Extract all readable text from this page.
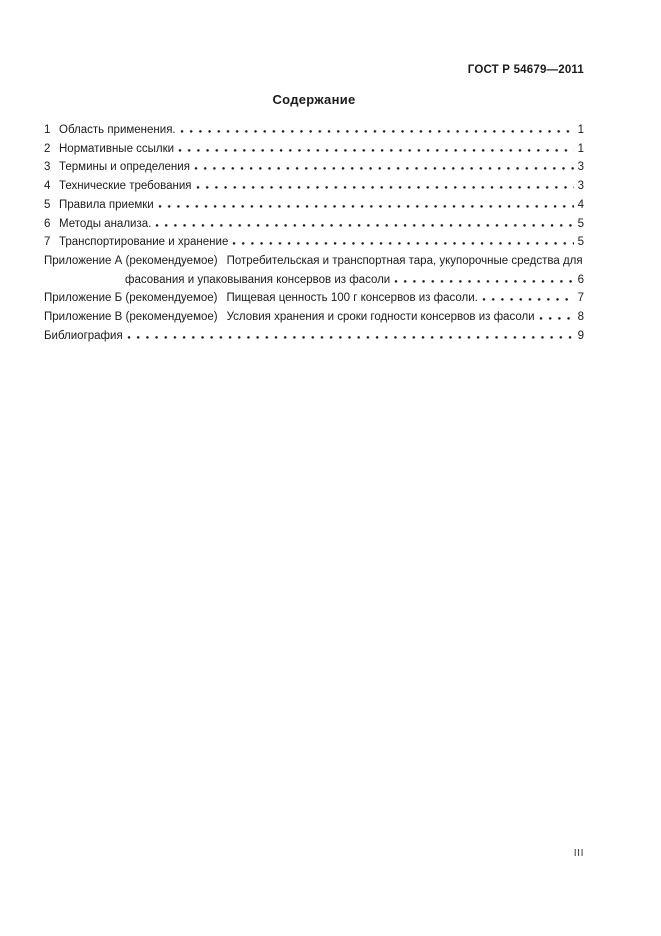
ГОСТ Р 54679—2011
Содержание
1 Область применения.	1
2 Нормативные ссылки	1
3 Термины и определения	3
4 Технические требования	3
5 Правила приемки	4
6 Методы анализа.	5
7 Транспортирование и хранение	5
Приложение А (рекомендуемое) Потребительская и транспортная тара, укупорочные средства для
фасования и упаковывания консервов из фасоли	6
Приложение Б (рекомендуемое) Пищевая ценность 100 г консервов из фасоли.	7
Приложение В (рекомендуемое) Условия хранения и сроки годности консервов из фасоли	8
Библиография	9
III
